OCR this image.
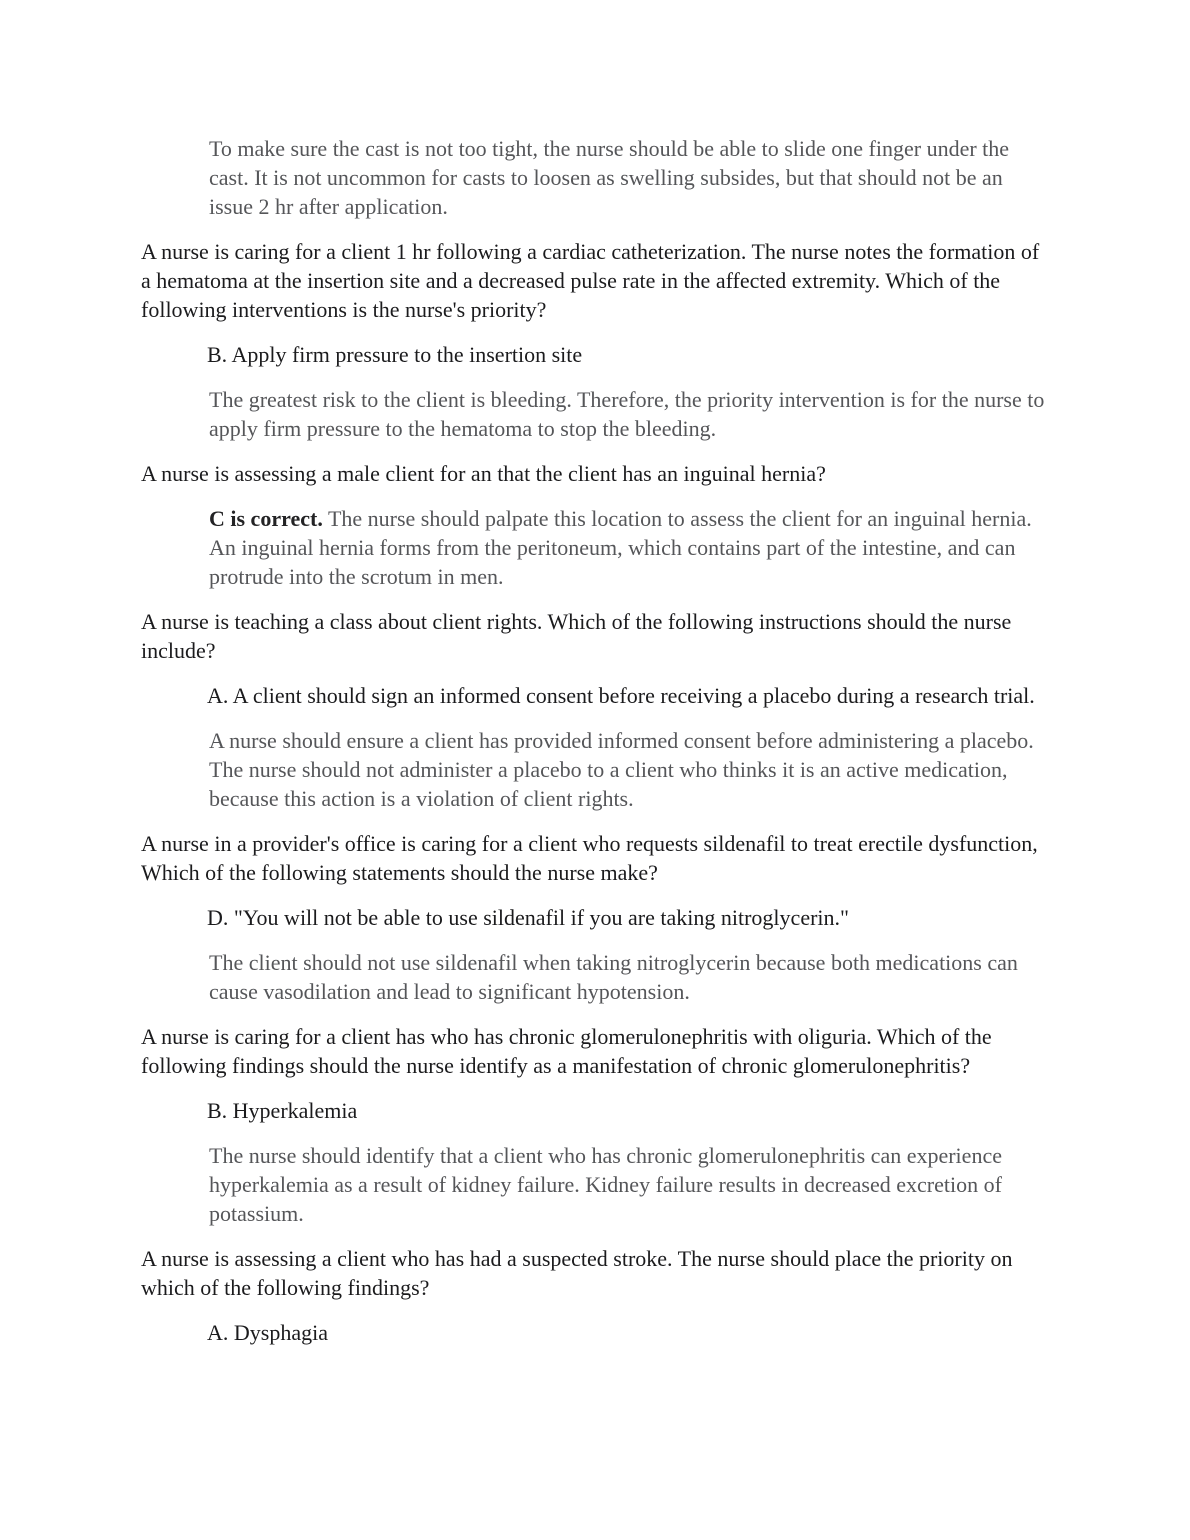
To make sure the cast is not too tight, the nurse should be able to slide one finger under the cast. It is not uncommon for casts to loosen as swelling subsides, but that should not be an issue 2 hr after application.

A nurse is caring for a client 1 hr following a cardiac catheterization. The nurse notes the formation of a hematoma at the insertion site and a decreased pulse rate in the affected extremity. Which of the following interventions is the nurse's priority?

B. Apply firm pressure to the insertion site

The greatest risk to the client is bleeding. Therefore, the priority intervention is for the nurse to apply firm pressure to the hematoma to stop the bleeding.

A nurse is assessing a male client for an that the client has an inguinal hernia?

C is correct. The nurse should palpate this location to assess the client for an inguinal hernia. An inguinal hernia forms from the peritoneum, which contains part of the intestine, and can protrude into the scrotum in men.

A nurse is teaching a class about client rights. Which of the following instructions should the nurse include?

A. A client should sign an informed consent before receiving a placebo during a research trial.

A nurse should ensure a client has provided informed consent before administering a placebo. The nurse should not administer a placebo to a client who thinks it is an active medication, because this action is a violation of client rights.

A nurse in a provider's office is caring for a client who requests sildenafil to treat erectile dysfunction, Which of the following statements should the nurse make?

D. "You will not be able to use sildenafil if you are taking nitroglycerin."

The client should not use sildenafil when taking nitroglycerin because both medications can cause vasodilation and lead to significant hypotension.

A nurse is caring for a client has who has chronic glomerulonephritis with oliguria. Which of the following findings should the nurse identify as a manifestation of chronic glomerulonephritis?

B. Hyperkalemia

The nurse should identify that a client who has chronic glomerulonephritis can experience hyperkalemia as a result of kidney failure. Kidney failure results in decreased excretion of potassium.

A nurse is assessing a client who has had a suspected stroke. The nurse should place the priority on which of the following findings?

A. Dysphagia
